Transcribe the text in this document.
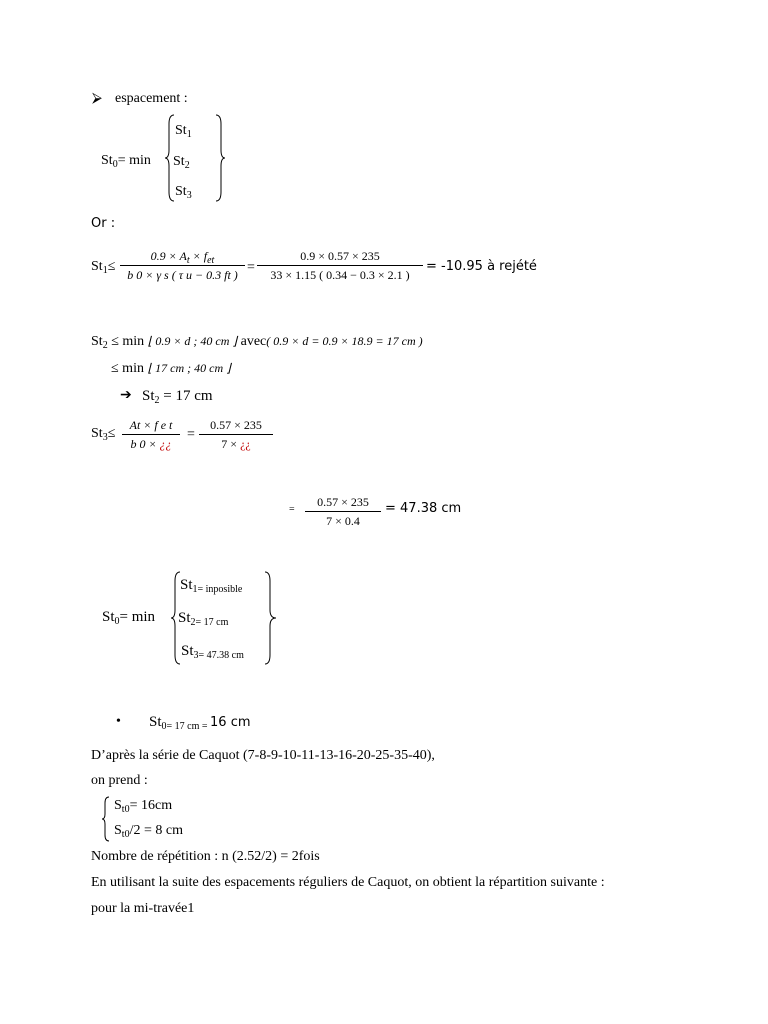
⮚ espacement :
$St_0= \min$
$St_1$
$St_2$
$St_3$
Or :
$St_1\le$
$0.9 \times A_t \times f_{et}$
b 0 × γ s ( τ u − 0.3 ft ) =
0.9 × 0.57 × 235
33 × 1.15 ( 0.34 − 0.3 × 2.1 )
= -10.95 à rejété
$St_2 \le \min$ ⌊ 0.9 × d ; 40 cm ⌋ avec( 0.9 × d = 0.9 × 18.9 = 17 cm )
≤ min ⌊ 17 cm ; 40 cm ⌋
➔ $St_2 = 17$ cm
$St_3\le$
At × f e t
b 0 × ¿¿
=
0.57 × 235
7 × ¿¿
=
0.57 × 235
7 × 0.4
= 47.38 cm
$St_0= \min$
$St_{1= inposible}$
$St_{2= 17 cm}$
$St_{3= 47.38 cm}$
• $St_{0= 17 cm}$ $_=$ 16 cm
D’après la série de Caquot (7-8-9-10-11-13-16-20-25-35-40),
on prend :
$S_{t0}= 16cm$
$S_{t0}/2 = 8$ cm
Nombre de répétition : n (2.52/2) = 2fois
En utilisant la suite des espacements réguliers de Caquot, on obtient la répartition suivante :
pour la mi-travée1
